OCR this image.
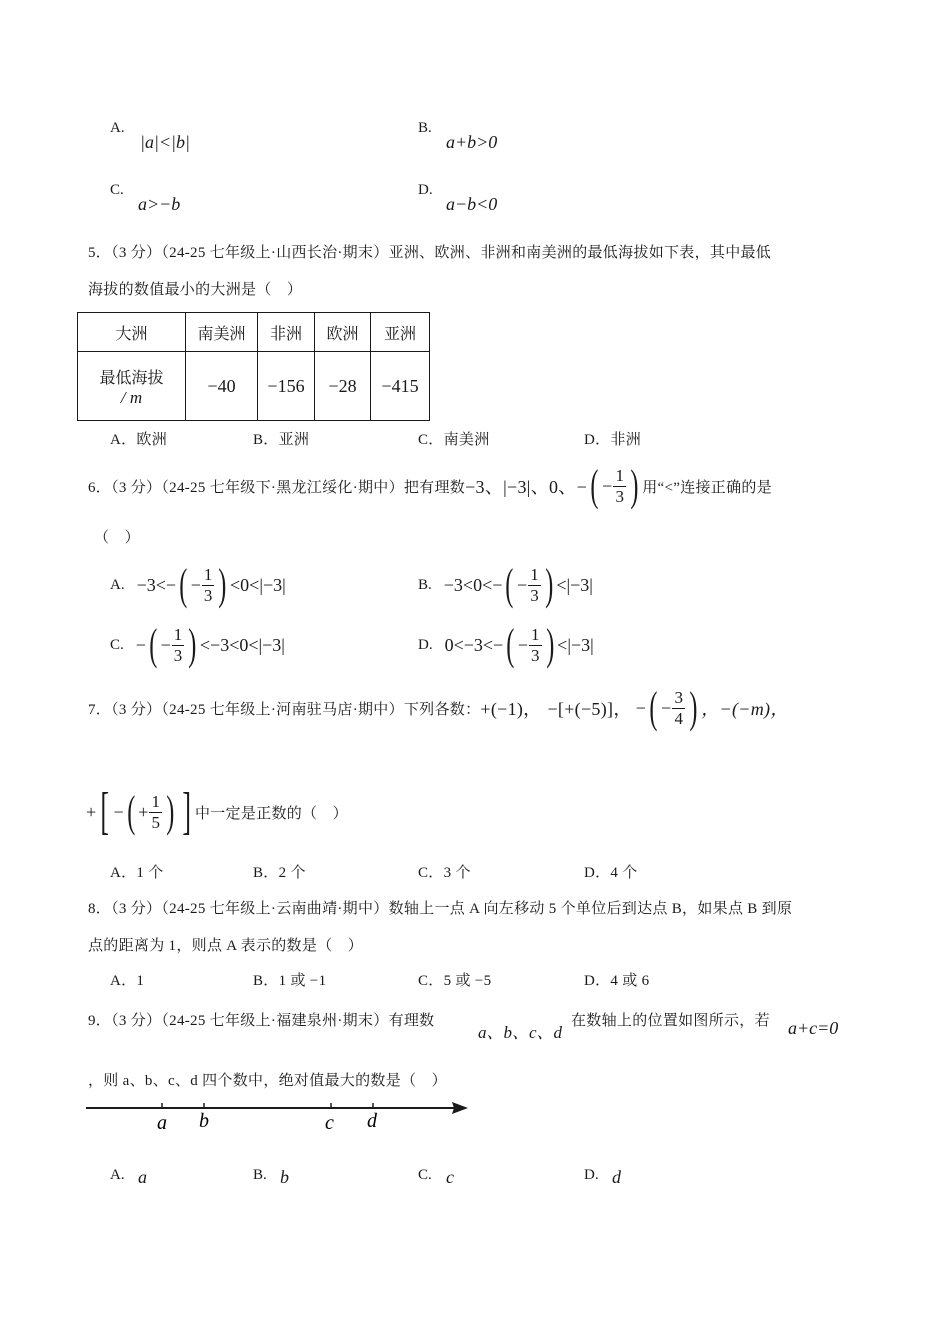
A.
|a|<|b|
B.
a+b>0
C.
a>−b
D.
a−b<0
5．（3 分）（24-25 七年级上·山西长治·期末）亚洲、欧洲、非洲和南美洲的最低海拔如下表，其中最低
海拔的数值最小的大洲是（　）
大洲	南美洲	非洲	欧洲	亚洲

最低海拔
/ m	−40	−156	−28	−415
A．欧洲	B．亚洲	C．南美洲	D．非洲
6．（3 分）（24-25 七年级下·黑龙江绥化·期中）把有理数 −3、|−3|、0、− ( − $\frac{1}{3}$ ) 用“<”连接正确的是
（　）
A. −3<− ( − $\frac{1}{3}$ ) <0<|−3|	B. −3<0<− ( − $\frac{1}{3}$ ) <|−3|
C. − ( − $\frac{1}{3}$ ) <−3<0<|−3|	D. 0<−3<− ( − $\frac{1}{3}$ ) <|−3|
7．（3 分）（24-25 七年级上·河南驻马店·期中）下列各数： +(−1)， −[+(−5)]， − ( − $\frac{3}{4}$ ) ，−(−m)，
+ [ − ( + $\frac{1}{5}$ ) ] 中一定是正数的（　）
A．1 个	B．2 个	C．3 个	D．4 个
8．（3 分）（24-25 七年级上·云南曲靖·期中）数轴上一点 A 向左移动 5 个单位后到达点 B，如果点 B 到原
点的距离为 1，则点 A 表示的数是（　）
A．1	B．1 或 −1	C．5 或 −5	D．4 或 6
9．（3 分）（24-25 七年级上·福建泉州·期末）有理数
a、b、c、d
在数轴上的位置如图所示，若 a+c=0
，则 a、b、c、d 四个数中，绝对值最大的数是（　）
a b	c d
A. a	B. b	C. c	D. d
